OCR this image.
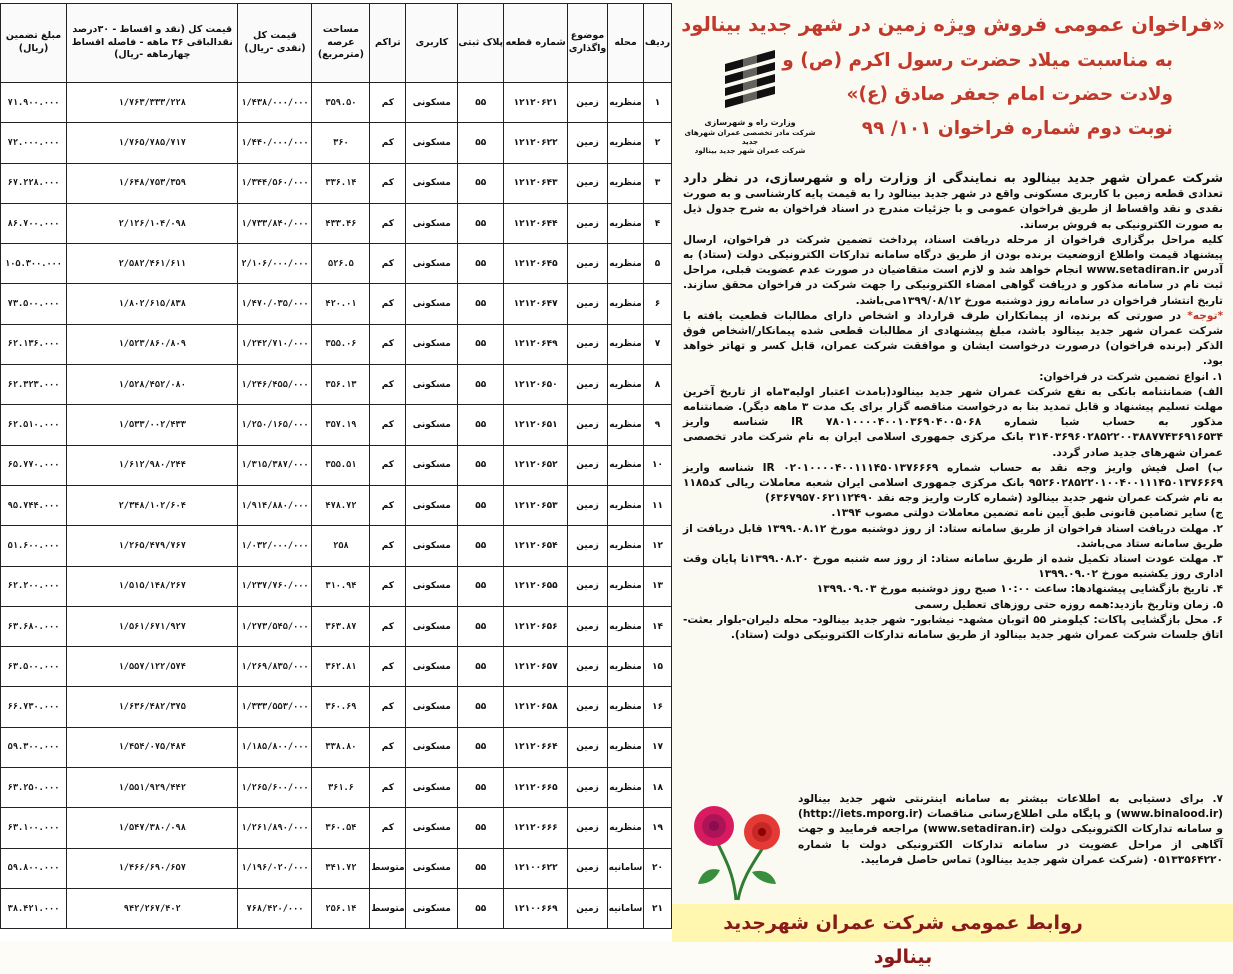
ردیف	محله	موضوع واگذاری	شماره قطعه	پلاک ثبتی	کاربری	تراکم	مساحت عرصه (مترمربع)	قیمت کل (نقدی -ریال)	قیمت کل (نقد و اقساط - ۳۰درصد نقدالباقی ۳۶ ماهه - فاصله اقساط چهارماهه -ریال)	مبلغ تضمین (ریال)
۱	منظریه	زمین	۱۲۱۲۰۶۲۱	۵۵	مسکونی	کم	۳۵۹.۵۰	۱/۴۳۸/۰۰۰/۰۰۰	۱/۷۶۳/۳۳۳/۲۲۸	۷۱.۹۰۰.۰۰۰
۲	منظریه	زمین	۱۲۱۲۰۶۲۲	۵۵	مسکونی	کم	۳۶۰	۱/۴۴۰/۰۰۰/۰۰۰	۱/۷۶۵/۷۸۵/۷۱۷	۷۲.۰۰۰.۰۰۰
۳	منظریه	زمین	۱۲۱۲۰۶۴۳	۵۵	مسکونی	کم	۳۳۶.۱۴	۱/۳۴۴/۵۶۰/۰۰۰	۱/۶۴۸/۷۵۳/۳۵۹	۶۷.۲۲۸.۰۰۰
۴	منظریه	زمین	۱۲۱۲۰۶۴۴	۵۵	مسکونی	کم	۴۳۳.۴۶	۱/۷۳۳/۸۴۰/۰۰۰	۲/۱۲۶/۱۰۴/۰۹۸	۸۶.۷۰۰.۰۰۰
۵	منظریه	زمین	۱۲۱۲۰۶۴۵	۵۵	مسکونی	کم	۵۲۶.۵	۲/۱۰۶/۰۰۰/۰۰۰	۲/۵۸۲/۴۶۱/۶۱۱	۱۰۵.۳۰۰.۰۰۰
۶	منظریه	زمین	۱۲۱۲۰۶۴۷	۵۵	مسکونی	کم	۴۲۰.۰۱	۱/۴۷۰/۰۳۵/۰۰۰	۱/۸۰۲/۶۱۵/۸۳۸	۷۳.۵۰۰.۰۰۰
۷	منظریه	زمین	۱۲۱۲۰۶۴۹	۵۵	مسکونی	کم	۳۵۵.۰۶	۱/۲۴۲/۷۱۰/۰۰۰	۱/۵۲۳/۸۶۰/۸۰۹	۶۲.۱۳۶.۰۰۰
۸	منظریه	زمین	۱۲۱۲۰۶۵۰	۵۵	مسکونی	کم	۳۵۶.۱۳	۱/۲۴۶/۴۵۵/۰۰۰	۱/۵۲۸/۴۵۲/۰۸۰	۶۲.۳۲۳.۰۰۰
۹	منظریه	زمین	۱۲۱۲۰۶۵۱	۵۵	مسکونی	کم	۳۵۷.۱۹	۱/۲۵۰/۱۶۵/۰۰۰	۱/۵۳۳/۰۰۲/۴۳۳	۶۲.۵۱۰.۰۰۰
۱۰	منظریه	زمین	۱۲۱۲۰۶۵۲	۵۵	مسکونی	کم	۳۵۵.۵۱	۱/۳۱۵/۳۸۷/۰۰۰	۱/۶۱۲/۹۸۰/۲۴۴	۶۵.۷۷۰.۰۰۰
۱۱	منظریه	زمین	۱۲۱۲۰۶۵۳	۵۵	مسکونی	کم	۴۷۸.۷۲	۱/۹۱۴/۸۸۰/۰۰۰	۲/۳۴۸/۱۰۲/۶۰۴	۹۵.۷۴۴.۰۰۰
۱۲	منظریه	زمین	۱۲۱۲۰۶۵۴	۵۵	مسکونی	کم	۲۵۸	۱/۰۳۲/۰۰۰/۰۰۰	۱/۲۶۵/۴۷۹/۷۶۷	۵۱.۶۰۰.۰۰۰
۱۳	منظریه	زمین	۱۲۱۲۰۶۵۵	۵۵	مسکونی	کم	۳۱۰.۹۴	۱/۲۳۷/۷۶۰/۰۰۰	۱/۵۱۵/۱۴۸/۲۶۷	۶۲.۲۰۰.۰۰۰
۱۴	منظریه	زمین	۱۲۱۲۰۶۵۶	۵۵	مسکونی	کم	۳۶۳.۸۷	۱/۲۷۳/۵۴۵/۰۰۰	۱/۵۶۱/۶۷۱/۹۲۷	۶۳.۶۸۰.۰۰۰
۱۵	منظریه	زمین	۱۲۱۲۰۶۵۷	۵۵	مسکونی	کم	۳۶۲.۸۱	۱/۲۶۹/۸۳۵/۰۰۰	۱/۵۵۷/۱۲۲/۵۷۴	۶۳.۵۰۰.۰۰۰
۱۶	منظریه	زمین	۱۲۱۲۰۶۵۸	۵۵	مسکونی	کم	۳۶۰.۶۹	۱/۳۳۳/۵۵۳/۰۰۰	۱/۶۳۶/۴۸۲/۳۷۵	۶۶.۷۳۰.۰۰۰
۱۷	منظریه	زمین	۱۲۱۲۰۶۶۴	۵۵	مسکونی	کم	۳۳۸.۸۰	۱/۱۸۵/۸۰۰/۰۰۰	۱/۴۵۴/۰۷۵/۴۸۴	۵۹.۳۰۰.۰۰۰
۱۸	منظریه	زمین	۱۲۱۲۰۶۶۵	۵۵	مسکونی	کم	۳۶۱.۶	۱/۲۶۵/۶۰۰/۰۰۰	۱/۵۵۱/۹۲۹/۴۴۲	۶۳.۲۵۰.۰۰۰
۱۹	منظریه	زمین	۱۲۱۲۰۶۶۶	۵۵	مسکونی	کم	۳۶۰.۵۴	۱/۲۶۱/۸۹۰/۰۰۰	۱/۵۴۷/۳۸۰/۰۹۸	۶۳.۱۰۰.۰۰۰
۲۰	سامانیه	زمین	۱۲۱۰۰۶۲۲	۵۵	مسکونی	متوسط	۳۴۱.۷۲	۱/۱۹۶/۰۲۰/۰۰۰	۱/۴۶۶/۶۹۰/۶۵۷	۵۹.۸۰۰.۰۰۰
۲۱	سامانیه	زمین	۱۲۱۰۰۶۶۹	۵۵	مسکونی	متوسط	۲۵۶.۱۴	۷۶۸/۴۲۰/۰۰۰	۹۴۲/۲۶۷/۴۰۲	۳۸.۴۲۱.۰۰۰
«فراخوان عمومی فروش ویژه زمین در شهر جدید بینالود
به مناسبت میلاد حضرت رسول اکرم (ص) و
ولادت حضرت امام جعفر صادق (ع)»
نوبت دوم شماره فراخوان ۱۰۱/ ۹۹
وزارت راه و شهرسازی
شرکت مادر تخصصی عمران شهرهای جدید
شرکت عمران شهر جدید بینالود

شرکت عمران شهر جدید بینالود به نمایندگی از وزارت راه و شهرسازی، در نظر دارد تعدادی قطعه زمین با کاربری مسکونی واقع در شهر جدید بینالود را به قیمت پایه کارشناسی و به صورت نقدی و نقد واقساط از طریق فراخوان عمومی و با جزئیات مندرج در اسناد فراخوان به شرح جدول ذیل به صورت الکترونیکی به فروش برساند.

کلیه مراحل برگزاری فراخوان از مرحله دریافت اسناد، پرداخت تضمین شرکت در فراخوان، ارسال پیشنهاد قیمت واطلاع ازوضعیت برنده بودن از طریق درگاه سامانه تدارکات الکترونیکی دولت (ستاد) به آدرس www.setadiran.ir انجام خواهد شد و لازم است متقاضیان در صورت عدم عضویت قبلی، مراحل ثبت نام در سامانه مذکور و دریافت گواهی امضاء الکترونیکی را جهت شرکت در فراخوان محقق سازند. تاریخ انتشار فراخوان در سامانه روز دوشنبه مورخ ۱۳۹۹/۰۸/۱۲می‌باشد.

*توجه* در صورتی که برنده، از پیمانکاران طرف قرارداد و اشخاص دارای مطالبات قطعیت یافته با شرکت عمران شهر جدید بینالود باشد، مبلغ پیشنهادی از مطالبات قطعی شده پیمانکار/اشخاص فوق الذکر (برنده فراخوان) درصورت درخواست ایشان و موافقت شرکت عمران، قابل کسر و تهاتر خواهد بود.

۱. انواع تضمین شرکت در فراخوان:

الف) ضمانتنامه بانکی به نفع شرکت عمران شهر جدید بینالود(بامدت اعتبار اولیه۳ماه از تاریخ آخرین مهلت تسلیم پیشنهاد و قابل تمدید بنا به درخواست مناقصه گزار برای یک مدت ۳ ماهه دیگر). ضمانتنامه مذکور به حساب شبا شماره IR ۷۸۰۱۰۰۰۰۴۰۰۱۰۳۶۹۰۴۰۰۵۰۶۸ شناسه واریز ۳۱۴۰۳۶۹۶۰۲۸۵۲۲۰۰۳۸۸۷۷۴۳۶۹۱۶۵۳۴ بانک مرکزی جمهوری اسلامی ایران به نام شرکت مادر تخصصی عمران شهرهای جدید صادر گردد.

ب) اصل فیش واریز وجه نقد به حساب شماره IR ۰۲۰۱۰۰۰۰۴۰۰۱۱۱۴۵۰۱۳۷۶۶۶۹ شناسه واریز ۹۵۲۶۰۲۸۵۲۲۰۱۰۰۴۰۰۱۱۱۴۵۰۱۳۷۶۶۶۹ بانک مرکزی جمهوری اسلامی ایران شعبه معاملات ریالی کد۱۱۸۵ به نام شرکت عمران شهر جدید بینالود (شماره کارت واریز وجه نقد ۶۳۶۷۹۵۷۰۶۲۱۱۲۴۹۰)

ج) سایر تضامین قانونی طبق آیین نامه تضمین معاملات دولتی مصوب ۱۳۹۴.

۲. مهلت دریافت اسناد فراخوان از طریق سامانه ستاد: از روز دوشنبه مورخ ۱۳۹۹.۰۸.۱۲ قابل دریافت از طریق سامانه ستاد می‌باشد.

۳. مهلت عودت اسناد تکمیل شده از طریق سامانه ستاد: از روز سه شنبه مورخ ۱۳۹۹.۰۸.۲۰تا پایان وقت اداری روز یکشنبه مورخ ۱۳۹۹.۰۹.۰۲

۴. تاریخ بازگشایی پیشنهادها: ساعت ۱۰:۰۰ صبح روز دوشنبه مورخ ۱۳۹۹.۰۹.۰۳

۵. زمان وتاریخ بازدید:همه روزه حتی روزهای تعطیل رسمی

۶. محل بازگشایی پاکات: کیلومتر ۵۵ اتوبان مشهد- نیشابور- شهر جدید بینالود- محله دلیران-بلوار بعثت-اتاق جلسات شرکت عمران شهر جدید بینالود از طریق سامانه تدارکات الکترونیکی دولت (ستاد).

۷. برای دستیابی به اطلاعات بیشتر به سامانه اینترنتی شهر جدید بینالود (www.binalood.ir) و پایگاه ملی اطلاع‌رسانی مناقصات (http://iets.mporg.ir) و سامانه تدارکات الکترونیکی دولت (www.setadiran.ir) مراجعه فرمایید و جهت آگاهی از مراحل عضویت در سامانه تدارکات الکترونیکی دولت با شماره ۰۵۱۳۳۵۶۴۲۲۰ (شرکت عمران شهر جدید بینالود) تماس حاصل فرمایید.
روابط عمومی شرکت عمران شهرجدید بینالود
